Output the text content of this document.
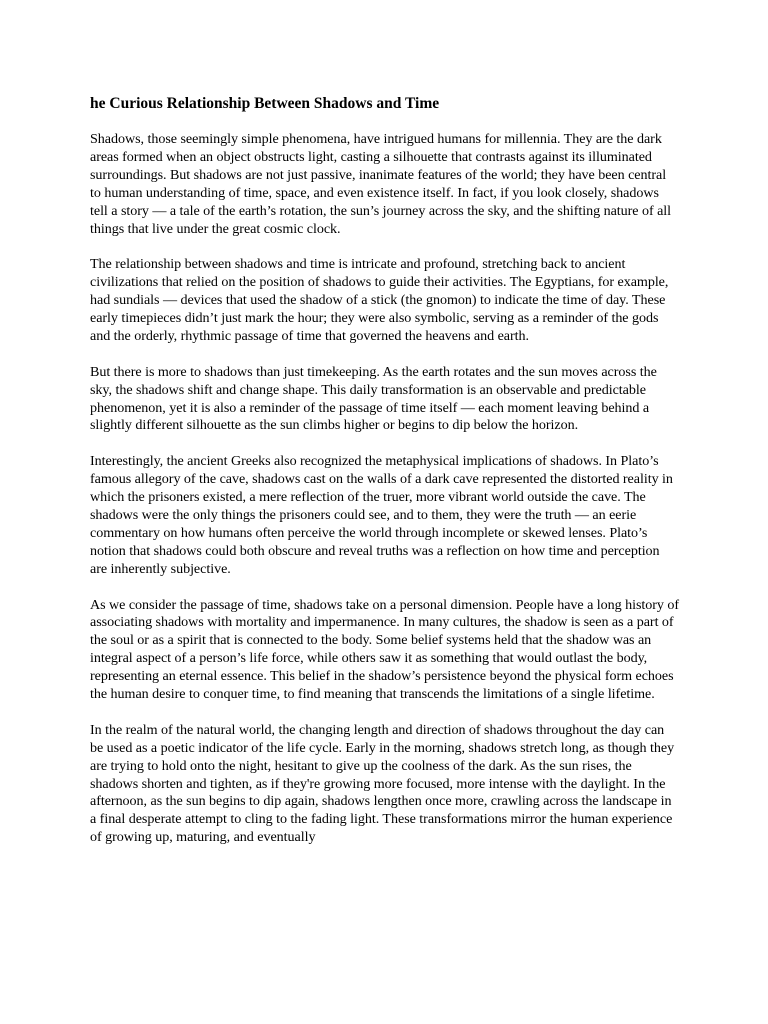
he Curious Relationship Between Shadows and Time

Shadows, those seemingly simple phenomena, have intrigued humans for millennia. They are the dark areas formed when an object obstructs light, casting a silhouette that contrasts against its illuminated surroundings. But shadows are not just passive, inanimate features of the world; they have been central to human understanding of time, space, and even existence itself. In fact, if you look closely, shadows tell a story — a tale of the earth’s rotation, the sun’s journey across the sky, and the shifting nature of all things that live under the great cosmic clock.

The relationship between shadows and time is intricate and profound, stretching back to ancient civilizations that relied on the position of shadows to guide their activities. The Egyptians, for example, had sundials — devices that used the shadow of a stick (the gnomon) to indicate the time of day. These early timepieces didn’t just mark the hour; they were also symbolic, serving as a reminder of the gods and the orderly, rhythmic passage of time that governed the heavens and earth.

But there is more to shadows than just timekeeping. As the earth rotates and the sun moves across the sky, the shadows shift and change shape. This daily transformation is an observable and predictable phenomenon, yet it is also a reminder of the passage of time itself — each moment leaving behind a slightly different silhouette as the sun climbs higher or begins to dip below the horizon.

Interestingly, the ancient Greeks also recognized the metaphysical implications of shadows. In Plato’s famous allegory of the cave, shadows cast on the walls of a dark cave represented the distorted reality in which the prisoners existed, a mere reflection of the truer, more vibrant world outside the cave. The shadows were the only things the prisoners could see, and to them, they were the truth — an eerie commentary on how humans often perceive the world through incomplete or skewed lenses. Plato’s notion that shadows could both obscure and reveal truths was a reflection on how time and perception are inherently subjective.

As we consider the passage of time, shadows take on a personal dimension. People have a long history of associating shadows with mortality and impermanence. In many cultures, the shadow is seen as a part of the soul or as a spirit that is connected to the body. Some belief systems held that the shadow was an integral aspect of a person’s life force, while others saw it as something that would outlast the body, representing an eternal essence. This belief in the shadow’s persistence beyond the physical form echoes the human desire to conquer time, to find meaning that transcends the limitations of a single lifetime.

In the realm of the natural world, the changing length and direction of shadows throughout the day can be used as a poetic indicator of the life cycle. Early in the morning, shadows stretch long, as though they are trying to hold onto the night, hesitant to give up the coolness of the dark. As the sun rises, the shadows shorten and tighten, as if they're growing more focused, more intense with the daylight. In the afternoon, as the sun begins to dip again, shadows lengthen once more, crawling across the landscape in a final desperate attempt to cling to the fading light. These transformations mirror the human experience of growing up, maturing, and eventually
